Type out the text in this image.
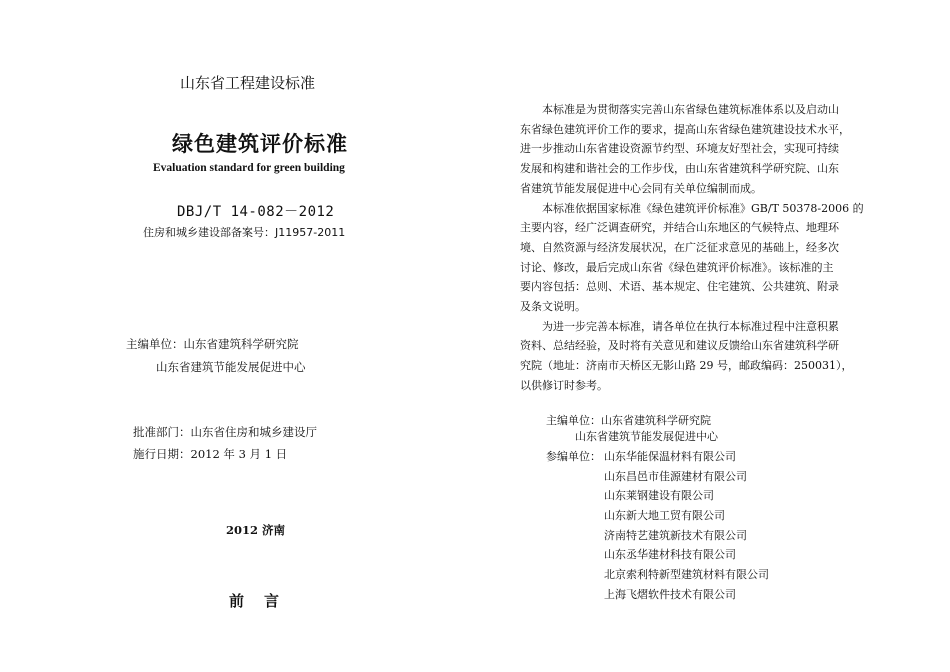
山东省工程建设标准
绿色建筑评价标准
Evaluation standard for green building
DBJ/T 14-082－2012
住房和城乡建设部备案号：J11957-2011
主编单位：山东省建筑科学研究院
山东省建筑节能发展促进中心
批准部门：山东省住房和城乡建设厅
施行日期：2012 年 3 月 1 日
2012 济南
前言

本标准是为贯彻落实完善山东省绿色建筑标准体系以及启动山
东省绿色建筑评价工作的要求，提高山东省绿色建筑建设技术水平，
进一步推动山东省建设资源节约型、环境友好型社会，实现可持续
发展和构建和谐社会的工作步伐，由山东省建筑科学研究院、山东
省建筑节能发展促进中心会同有关单位编制而成。

本标准依据国家标准《绿色建筑评价标准》GB/T 50378-2006 的
主要内容，经广泛调查研究，并结合山东地区的气候特点、地理环
境、自然资源与经济发展状况，在广泛征求意见的基础上，经多次
讨论、修改，最后完成山东省《绿色建筑评价标准》。该标准的主
要内容包括：总则、术语、基本规定、住宅建筑、公共建筑、附录
及条文说明。

为进一步完善本标准，请各单位在执行本标准过程中注意积累
资料、总结经验，及时将有关意见和建议反馈给山东省建筑科学研
究院（地址：济南市天桥区无影山路 29 号，邮政编码：250031），
以供修订时参考。

主编单位：山东省建筑科学研究院
山东省建筑节能发展促进中心
参编单位： 山东华能保温材料有限公司
山东昌邑市佳源建材有限公司
山东莱钢建设有限公司
山东新大地工贸有限公司
济南特艺建筑新技术有限公司
山东丞华建材科技有限公司
北京索利特新型建筑材料有限公司
上海飞熠软件技术有限公司
